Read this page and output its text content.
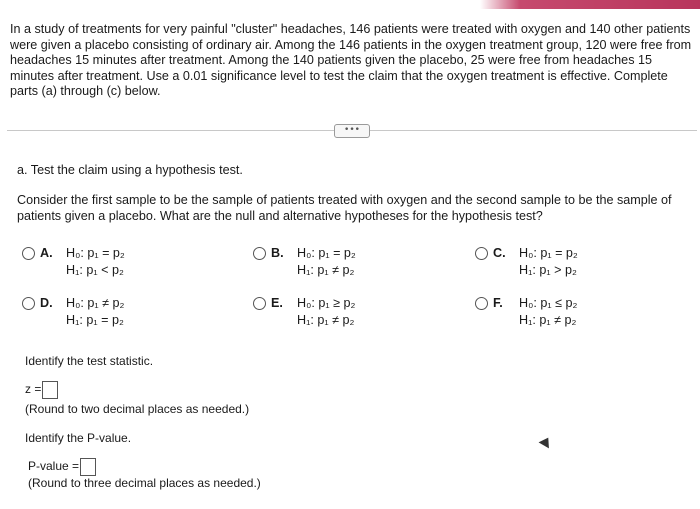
In a study of treatments for very painful "cluster" headaches, 146 patients were treated with oxygen and 140 other patients were given a placebo consisting of ordinary air. Among the 146 patients in the oxygen treatment group, 120 were free from headaches 15 minutes after treatment. Among the 140 patients given the placebo, 25 were free from headaches 15 minutes after treatment. Use a 0.01 significance level to test the claim that the oxygen treatment is effective. Complete parts (a) through (c) below.
•••
a. Test the claim using a hypothesis test.
Consider the first sample to be the sample of patients treated with oxygen and the second sample to be the sample of patients given a placebo. What are the null and alternative hypotheses for the hypothesis test?
A. H₀: p₁ = p₂
H₁: p₁ < p₂
B. H₀: p₁ = p₂
H₁: p₁ ≠ p₂
C. H₀: p₁ = p₂
H₁: p₁ > p₂
D. H₀: p₁ ≠ p₂
H₁: p₁ = p₂
E. H₀: p₁ ≥ p₂
H₁: p₁ ≠ p₂
F. H₀: p₁ ≤ p₂
H₁: p₁ ≠ p₂
Identify the test statistic.
z =
(Round to two decimal places as needed.)
Identify the P-value.
P-value =
(Round to three decimal places as needed.)
